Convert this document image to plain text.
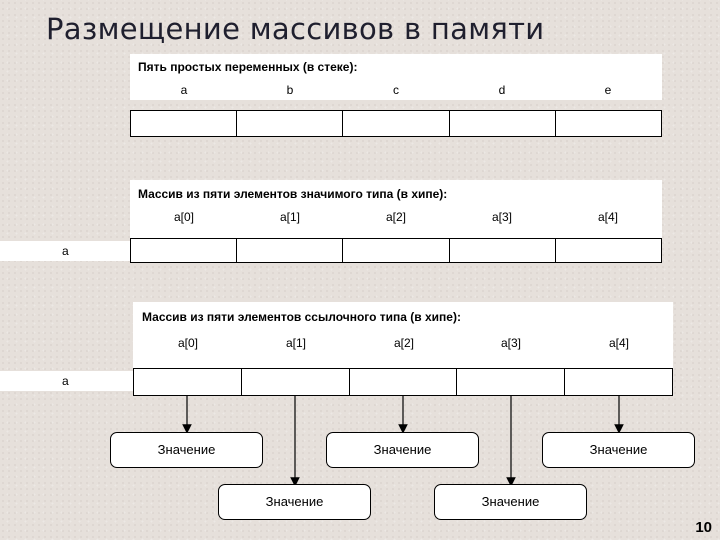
Размещение массивов в памяти
Пять простых переменных (в стеке):
a	b	c	d	e
Массив из пяти элементов значимого типа (в хипе):
a[0]	a[1]	a[2]	a[3]	a[4]
a
Массив из пяти элементов ссылочного типа (в хипе):
a[0]	a[1]	a[2]	a[3]	a[4]
a
Значение	Значение	Значение
Значение	Значение
10
